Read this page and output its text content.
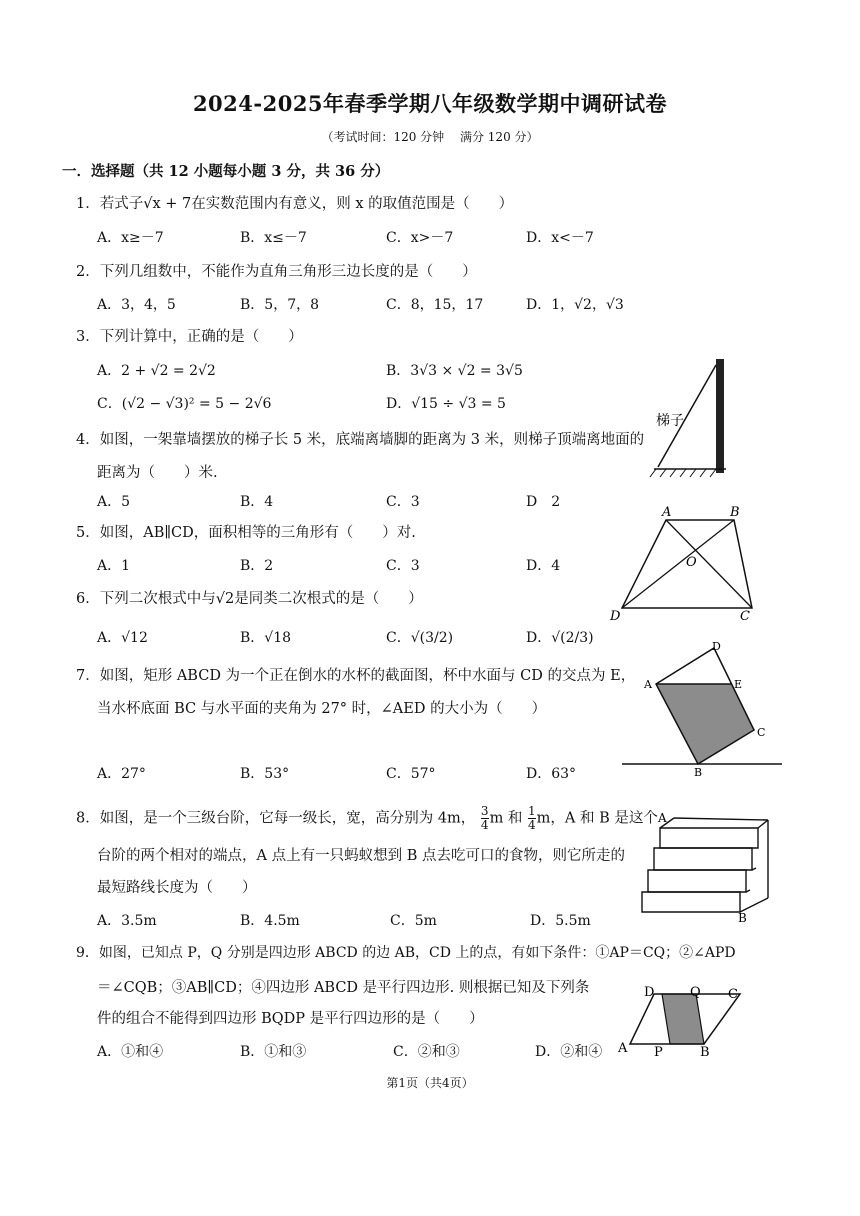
2024-2025年春季学期八年级数学期中调研试卷
（考试时间：120 分钟　 满分 120 分）
一．选择题（共 12 小题每小题 3 分，共 36 分）
1．若式子√x + 7在实数范围内有意义，则 x 的取值范围是（　　）
A．x≥－7	B．x≤－7	C．x>－7	D．x<－7
2．下列几组数中，不能作为直角三角形三边长度的是（　　）
A．3，4，5	B．5，7，8	C．8，15，17	D．1，√2，√3
3．下列计算中，正确的是（　　）
A．2 + √2 = 2√2	B．3√3 × √2 = 3√5
C．(√2 − √3)² = 5 − 2√6	D．√15 ÷ √3 = 5
4．如图，一架靠墙摆放的梯子长 5 米，底端离墙脚的距离为 3 米，则梯子顶端离地面的
距离为（　　）米.
A．5	B．4	C．3	D　2
梯子
5．如图，AB∥CD，面积相等的三角形有（　　）对.
A．1	B．2	C．3	D．4
A	B
O
D	C
6．下列二次根式中与√2是同类二次根式的是（　　）
A．√12	B．√18	C．√(3/2)	D．√(2/3)
7．如图，矩形 ABCD 为一个正在倒水的水杯的截面图，杯中水面与 CD 的交点为 E，
当水杯底面 BC 与水平面的夹角为 27° 时，∠AED 的大小为（　　）
A．27°	B．53°	C．57°	D．63°
D
A	E
C
B
8．如图，是一个三级台阶，它每一级长，宽，高分别为 4m， $\frac{3}{4}$ m 和 $\frac{1}{4}$ m，A 和 B 是这个
台阶的两个相对的端点，A 点上有一只蚂蚁想到 B 点去吃可口的食物，则它所走的
最短路线长度为（　　）
A．3.5m	B．4.5m	C．5m	D．5.5m
A
B
9．如图，已知点 P，Q 分别是四边形 ABCD 的边 AB，CD 上的点，有如下条件：①AP＝CQ；②∠APD
＝∠CQB；③AB∥CD；④四边形 ABCD 是平行四边形. 则根据已知及下列条
件的组合不能得到四边形 BQDP 是平行四边形的是（　　）
A．①和④	B．①和③	C．②和③	D．②和④
D	Q C
A P	B
第1页（共4页）
